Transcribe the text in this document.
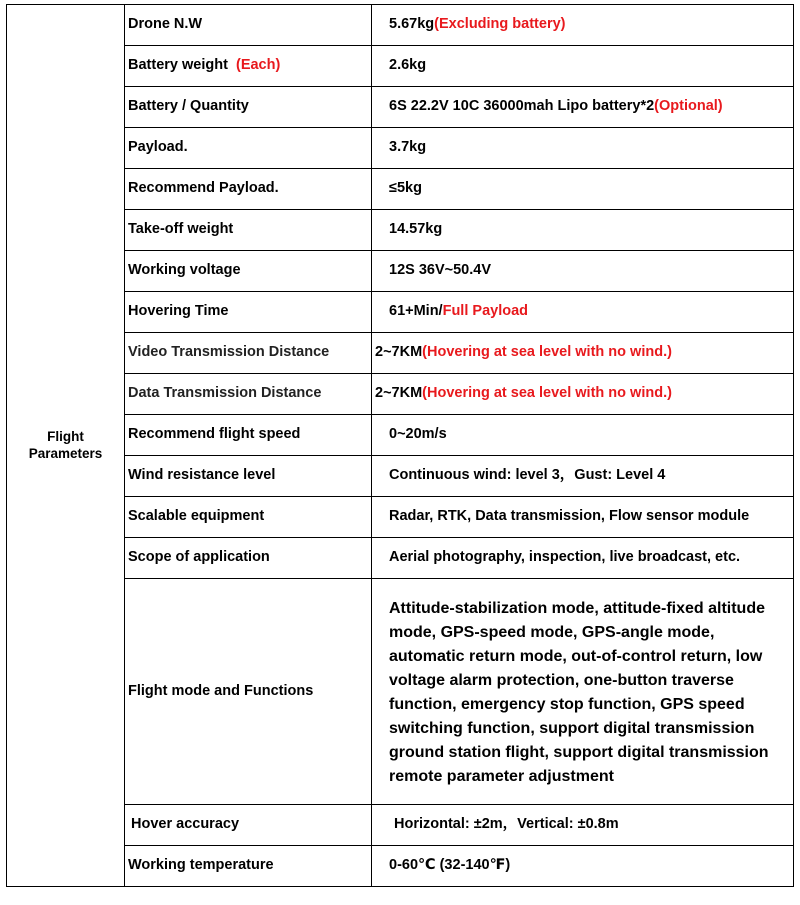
Flight
Parameters	Drone N.W	5.67kg(Excluding battery)
	Battery weight (Each)	2.6kg
	Battery / Quantity	6S 22.2V 10C 36000mah Lipo battery*2(Optional)
	Payload.	3.7kg
	Recommend Payload.	≤5kg
	Take-off weight	14.57kg
	Working voltage	12S 36V~50.4V
	Hovering Time	61+Min/Full Payload
	Video Transmission Distance	2~7KM(Hovering at sea level with no wind.)
	Data Transmission Distance	2~7KM(Hovering at sea level with no wind.)
	Recommend flight speed	0~20m/s
	Wind resistance level	Continuous wind: level 3，Gust: Level 4
	Scalable equipment	Radar, RTK, Data transmission, Flow sensor module
	Scope of application	Aerial photography, inspection, live broadcast, etc.
	Flight mode and Functions	Attitude-stabilization mode, attitude-fixed altitude mode, GPS-speed mode, GPS-angle mode, automatic return mode, out-of-control return, low voltage alarm protection, one-button traverse function, emergency stop function, GPS speed switching function, support digital transmission ground station flight, support digital transmission remote parameter adjustment
	Hover accuracy	Horizontal: ±2m，Vertical: ±0.8m
	Working temperature	0-60℃ (32-140℉)
